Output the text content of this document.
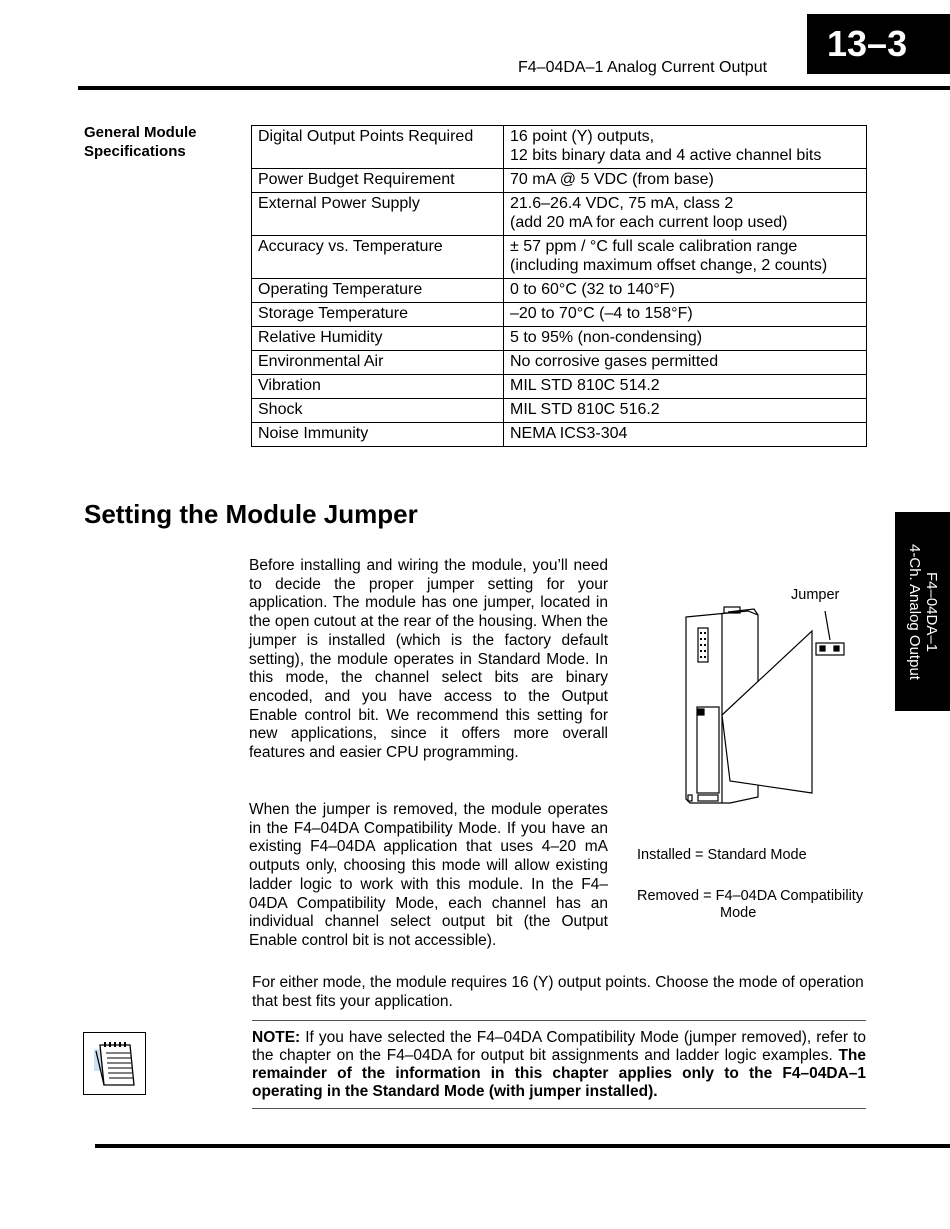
13–3
F4–04DA–1 Analog Current Output
F4–04DA–1
4-Ch. Analog Output
General Module
Specifications
Digital Output Points Required	16 point (Y) outputs,
12 bits binary data and 4 active channel bits

Power Budget Requirement	70 mA @ 5 VDC (from base)

External Power Supply	21.6–26.4 VDC, 75 mA, class 2
(add 20 mA for each current loop used)

Accuracy vs. Temperature	± 57 ppm / °C full scale calibration range
(including maximum offset change, 2 counts)

Operating Temperature	0 to 60°C (32 to 140°F)

Storage Temperature	–20 to 70°C (–4 to 158°F)

Relative Humidity	5 to 95% (non-condensing)

Environmental Air	No corrosive gases permitted

Vibration	MIL STD 810C 514.2

Shock	MIL STD 810C 516.2

Noise Immunity	NEMA ICS3-304
Setting the Module Jumper
Before installing and wiring the module, you’ll need to decide the proper jumper setting for your application. The module has one jumper, located in the open cutout at the rear of the housing. When the jumper is installed (which is the factory default setting), the module operates in Standard Mode. In this mode, the channel select bits are binary encoded, and you have access to the Output Enable control bit. We recommend this setting for new applications, since it offers more overall features and easier CPU programming.
When the jumper is removed, the module operates in the F4–04DA Compatibility Mode. If you have an existing F4–04DA application that uses 4–20 mA outputs only, choosing this mode will allow existing ladder logic to work with this module. In the F4–04DA Compatibility Mode, each channel has an individual channel select output bit (the Output Enable control bit is not accessible).
Jumper
Installed = Standard Mode
Removed = F4–04DA Compatibility
Mode
For either mode, the module requires 16 (Y) output points. Choose the mode of operation that best fits your application.
NOTE: If you have selected the F4–04DA Compatibility Mode (jumper removed), refer to the chapter on the F4–04DA for output bit assignments and ladder logic examples. The remainder of the information in this chapter applies only to the F4–04DA–1 operating in the Standard Mode (with jumper installed).
